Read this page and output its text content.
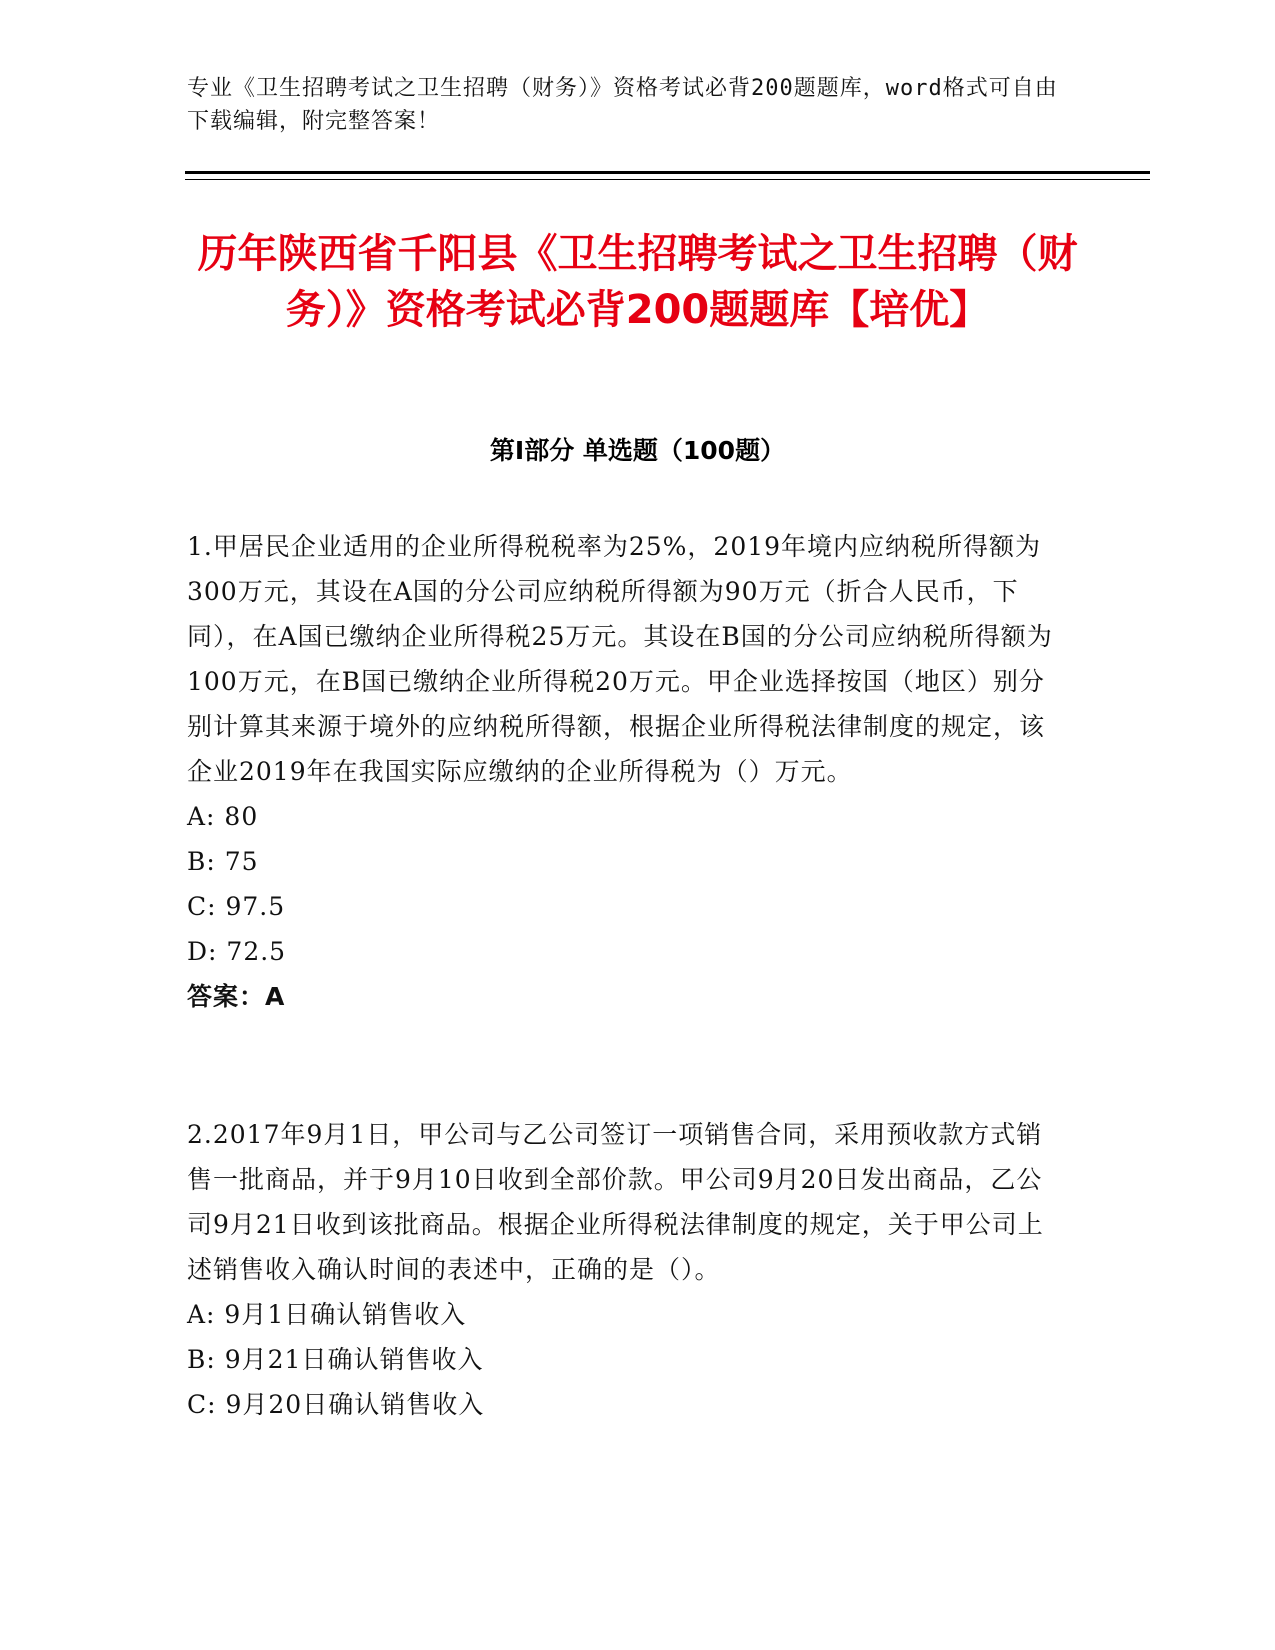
专业《卫生招聘考试之卫生招聘（财务）》资格考试必背200题题库，word格式可自由下载编辑，附完整答案！

历年陕西省千阳县《卫生招聘考试之卫生招聘（财务）》资格考试必背200题题库【培优】
第I部分 单选题（100题）

1.甲居民企业适用的企业所得税税率为25%，2019年境内应纳税所得额为300万元，其设在A国的分公司应纳税所得额为90万元（折合人民币，下同），在A国已缴纳企业所得税25万元。其设在B国的分公司应纳税所得额为100万元，在B国已缴纳企业所得税20万元。甲企业选择按国（地区）别分别计算其来源于境外的应纳税所得额，根据企业所得税法律制度的规定，该企业2019年在我国实际应缴纳的企业所得税为（）万元。

A: 80

B: 75

C: 97.5

D: 72.5

答案：A

2.2017年9月1日，甲公司与乙公司签订一项销售合同，采用预收款方式销售一批商品，并于9月10日收到全部价款。甲公司9月20日发出商品，乙公司9月21日收到该批商品。根据企业所得税法律制度的规定，关于甲公司上述销售收入确认时间的表述中，正确的是（）。

A: 9月1日确认销售收入

B: 9月21日确认销售收入

C: 9月20日确认销售收入
